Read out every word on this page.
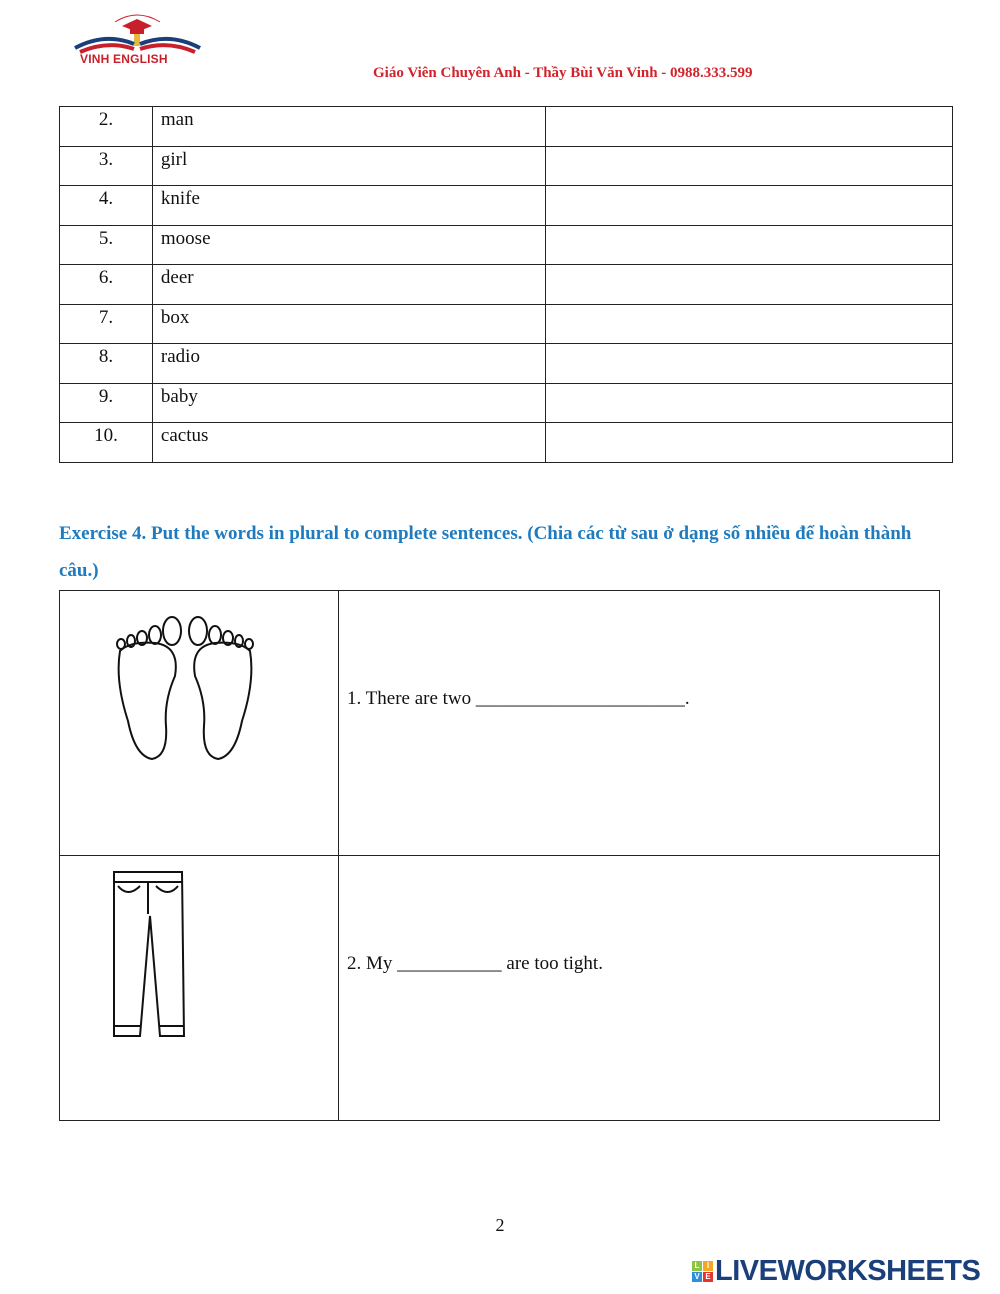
VINH ENGLISH
Giáo Viên Chuyên Anh - Thầy Bùi Văn Vinh - 0988.333.599
2.	man	
3.	girl	
4.	knife	
5.	moose	
6.	deer	
7.	box	
8.	radio	
9.	baby	
10.	cactus	
Exercise 4. Put the words in plural to complete sentences. (Chia các từ sau ở dạng số nhiều để hoàn thành câu.)
	1. There are two ______________________.
	2. My ___________ are too tight.
2
L I
V E LIVEWORKSHEETS
